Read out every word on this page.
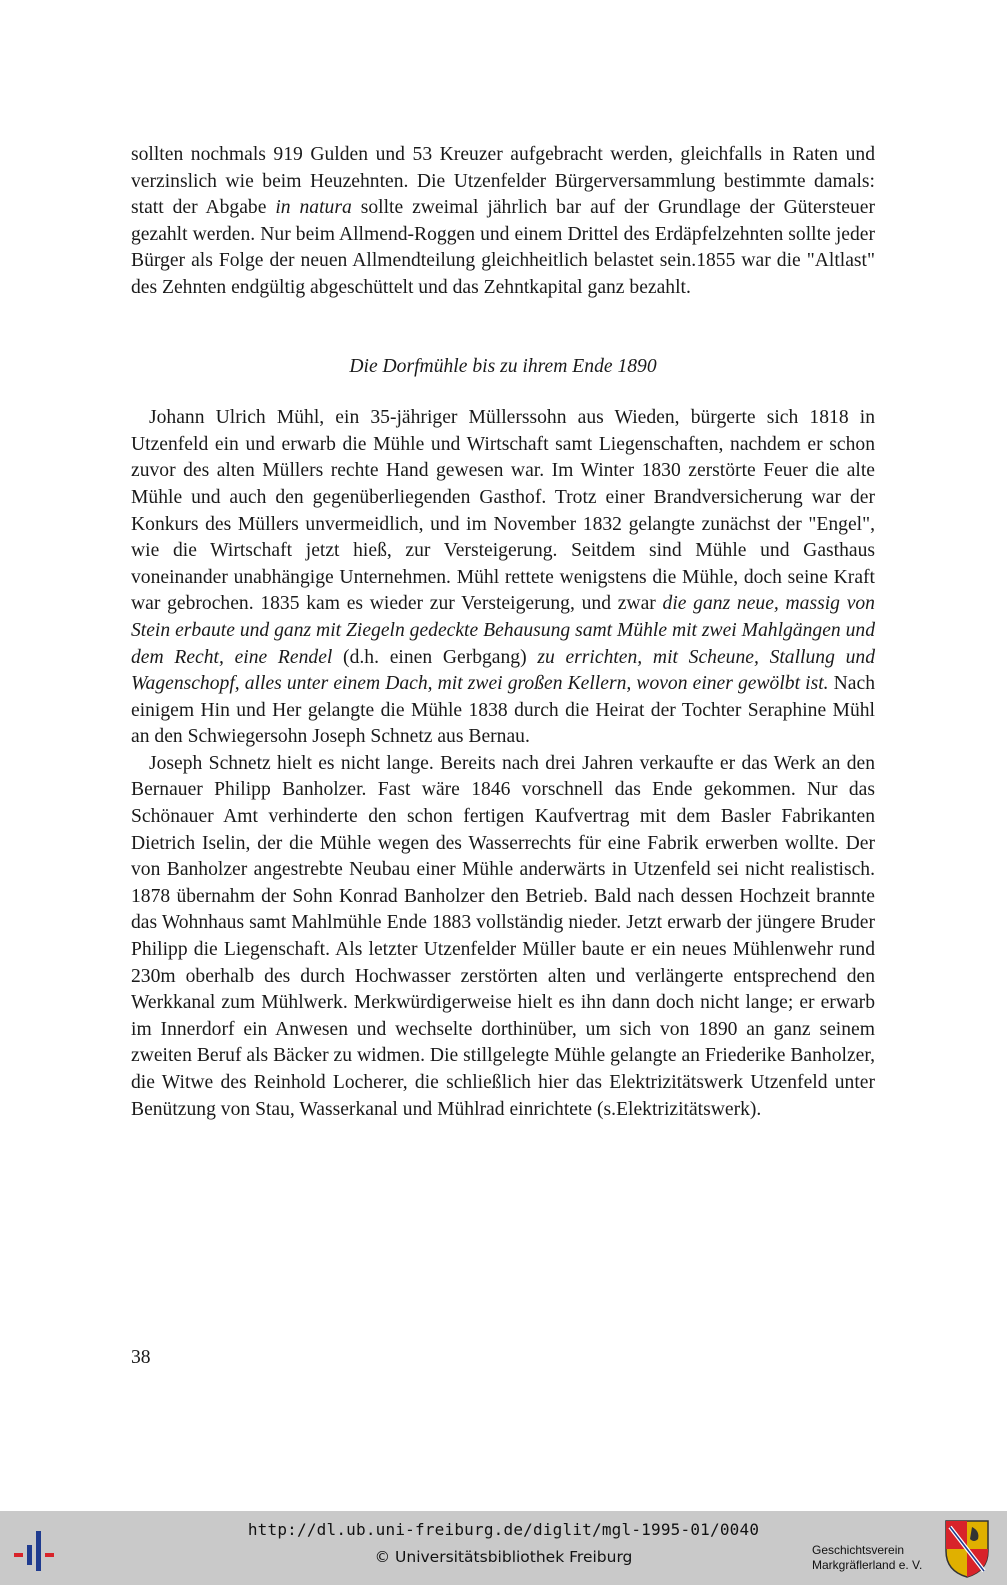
sollten nochmals 919 Gulden und 53 Kreuzer aufgebracht werden, gleichfalls in Raten und verzinslich wie beim Heuzehnten. Die Utzenfelder Bürgerversammlung bestimmte damals: statt der Abgabe in natura sollte zweimal jährlich bar auf der Grundlage der Gütersteuer gezahlt werden. Nur beim Allmend-Roggen und einem Drittel des Erdäpfelzehnten sollte jeder Bürger als Folge der neuen Allmendteilung gleichheitlich belastet sein.1855 war die "Altlast" des Zehnten endgültig abgeschüttelt und das Zehntkapital ganz bezahlt.

Die Dorfmühle bis zu ihrem Ende 1890

Johann Ulrich Mühl, ein 35-jähriger Müllerssohn aus Wieden, bürgerte sich 1818 in Utzenfeld ein und erwarb die Mühle und Wirtschaft samt Liegenschaften, nachdem er schon zuvor des alten Müllers rechte Hand gewesen war. Im Winter 1830 zerstörte Feuer die alte Mühle und auch den gegenüberliegenden Gasthof. Trotz einer Brandversicherung war der Konkurs des Müllers unvermeidlich, und im November 1832 gelangte zunächst der "Engel", wie die Wirtschaft jetzt hieß, zur Versteigerung. Seitdem sind Mühle und Gasthaus voneinander unabhängige Unternehmen. Mühl rettete wenigstens die Mühle, doch seine Kraft war gebrochen. 1835 kam es wieder zur Versteigerung, und zwar die ganz neue, massig von Stein erbaute und ganz mit Ziegeln gedeckte Behausung samt Mühle mit zwei Mahlgängen und dem Recht, eine Rendel (d.h. einen Gerbgang) zu errichten, mit Scheune, Stallung und Wagenschopf, alles unter einem Dach, mit zwei großen Kellern, wovon einer gewölbt ist. Nach einigem Hin und Her gelangte die Mühle 1838 durch die Heirat der Tochter Seraphine Mühl an den Schwiegersohn Joseph Schnetz aus Bernau.

Joseph Schnetz hielt es nicht lange. Bereits nach drei Jahren verkaufte er das Werk an den Bernauer Philipp Banholzer. Fast wäre 1846 vorschnell das Ende gekommen. Nur das Schönauer Amt verhinderte den schon fertigen Kaufvertrag mit dem Basler Fabrikanten Dietrich Iselin, der die Mühle wegen des Wasserrechts für eine Fabrik erwerben wollte. Der von Banholzer angestrebte Neubau einer Mühle anderwärts in Utzenfeld sei nicht realistisch. 1878 übernahm der Sohn Konrad Banholzer den Betrieb. Bald nach dessen Hochzeit brannte das Wohnhaus samt Mahlmühle Ende 1883 vollständig nieder. Jetzt erwarb der jüngere Bruder Philipp die Liegenschaft. Als letzter Utzenfelder Müller baute er ein neues Mühlenwehr rund 230m oberhalb des durch Hochwasser zerstörten alten und verlängerte entsprechend den Werkkanal zum Mühlwerk. Merkwürdigerweise hielt es ihn dann doch nicht lange; er erwarb im Innerdorf ein Anwesen und wechselte dorthinüber, um sich von 1890 an ganz seinem zweiten Beruf als Bäcker zu widmen. Die stillgelegte Mühle gelangte an Friederike Banholzer, die Witwe des Reinhold Locherer, die schließlich hier das Elektrizitätswerk Utzenfeld unter Benützung von Stau, Wasserkanal und Mühlrad einrichtete (s.Elektrizitätswerk).

38
http://dl.ub.uni-freiburg.de/diglit/mgl-1995-01/0040
© Universitätsbibliothek Freiburg	Geschichtsverein
Markgräflerland e. V.
